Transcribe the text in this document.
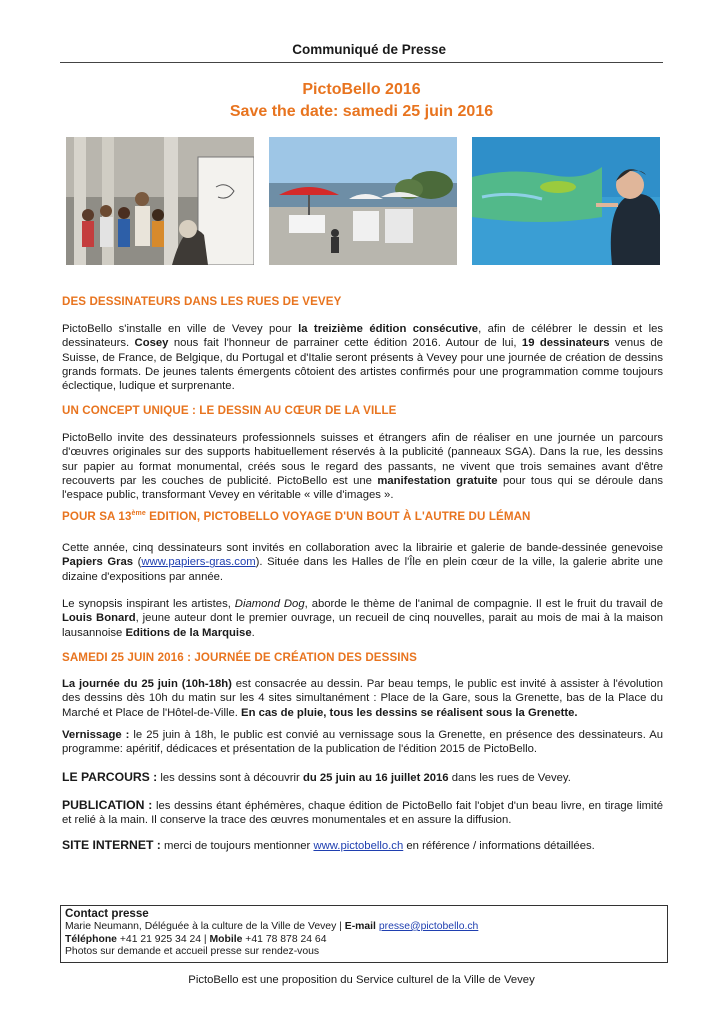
Communiqué de Presse
PictoBello 2016
Save the date: samedi 25 juin 2016
DES DESSINATEURS DANS LES RUES DE VEVEY
PictoBello s'installe en ville de Vevey pour la treizième édition consécutive, afin de célébrer le dessin et les dessinateurs. Cosey nous fait l'honneur de parrainer cette édition 2016. Autour de lui, 19 dessinateurs venus de Suisse, de France, de Belgique, du Portugal et d'Italie seront présents à Vevey pour une journée de création de dessins grands formats. De jeunes talents émergents côtoient des artistes confirmés pour une programmation comme toujours éclectique, ludique et surprenante.
UN CONCEPT UNIQUE : LE DESSIN AU CŒUR DE LA VILLE
PictoBello invite des dessinateurs professionnels suisses et étrangers afin de réaliser en une journée un parcours d'œuvres originales sur des supports habituellement réservés à la publicité (panneaux SGA). Dans la rue, les dessins sur papier au format monumental, créés sous le regard des passants, ne vivent que trois semaines avant d'être recouverts par les couches de publicité. PictoBello est une manifestation gratuite pour tous qui se déroule dans l'espace public, transformant Vevey en véritable « ville d'images ».
POUR SA 13ème EDITION, PICTOBELLO VOYAGE D'UN BOUT À L'AUTRE DU LÉMAN
Cette année, cinq dessinateurs sont invités en collaboration avec la librairie et galerie de bande-dessinée genevoise Papiers Gras (www.papiers-gras.com). Située dans les Halles de l'Île en plein cœur de la ville, la galerie abrite une dizaine d'expositions par année.
Le synopsis inspirant les artistes, Diamond Dog, aborde le thème de l'animal de compagnie. Il est le fruit du travail de Louis Bonard, jeune auteur dont le premier ouvrage, un recueil de cinq nouvelles, parait au mois de mai à la maison lausannoise Editions de la Marquise.
SAMEDI 25 JUIN 2016 : JOURNÉE DE CRÉATION DES DESSINS
La journée du 25 juin (10h-18h) est consacrée au dessin. Par beau temps, le public est invité à assister à l'évolution des dessins dès 10h du matin sur les 4 sites simultanément : Place de la Gare, sous la Grenette, bas de la Place du Marché et Place de l'Hôtel-de-Ville. En cas de pluie, tous les dessins se réalisent sous la Grenette.
Vernissage : le 25 juin à 18h, le public est convié au vernissage sous la Grenette, en présence des dessinateurs. Au programme: apéritif, dédicaces et présentation de la publication de l'édition 2015 de PictoBello.
LE PARCOURS : les dessins sont à découvrir du 25 juin au 16 juillet 2016 dans les rues de Vevey.
PUBLICATION : les dessins étant éphémères, chaque édition de PictoBello fait l'objet d'un beau livre, en tirage limité et relié à la main. Il conserve la trace des œuvres monumentales et en assure la diffusion.
SITE INTERNET : merci de toujours mentionner www.pictobello.ch en référence / informations détaillées.
Contact presse
Marie Neumann, Déléguée à la culture de la Ville de Vevey | E-mail presse@pictobello.ch
Téléphone +41 21 925 34 24 | Mobile +41 78 878 24 64
Photos sur demande et accueil presse sur rendez-vous
PictoBello est une proposition du Service culturel de la Ville de Vevey
